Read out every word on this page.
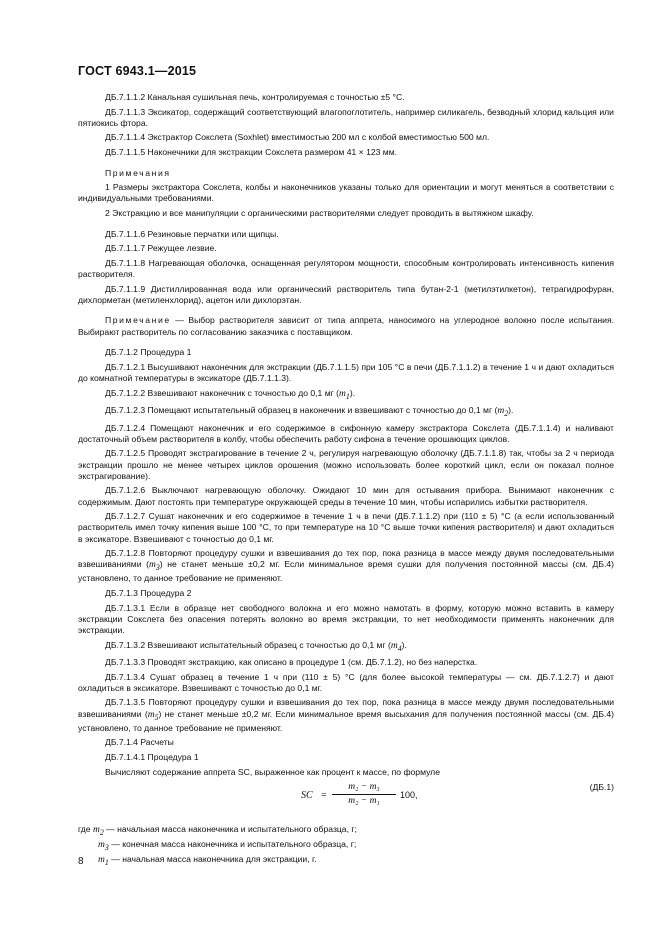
ГОСТ 6943.1—2015

ДБ.7.1.1.2 Канальная сушильная печь, контролируемая с точностью ±5 °С.

ДБ.7.1.1.3 Эксикатор, содержащий соответствующий влагопоглотитель, например силикагель, безводный хлорид кальция или пятиокись фтора.

ДБ.7.1.1.4 Экстрактор Сокслета (Soxhlet) вместимостью 200 мл с колбой вместимостью 500 мл.

ДБ.7.1.1.5 Наконечники для экстракции Сокслета размером 41 × 123 мм.

Примечания

1 Размеры экстрактора Сокслета, колбы и наконечников указаны только для ориентации и могут меняться в соответствии с индивидуальными требованиями.

2 Экстракцию и все манипуляции с органическими растворителями следует проводить в вытяжном шкафу.

ДБ.7.1.1.6 Резиновые перчатки или щипцы.

ДБ.7.1.1.7 Режущее лезвие.

ДБ.7.1.1.8 Нагревающая оболочка, оснащенная регулятором мощности, способным контролировать интенсивность кипения растворителя.

ДБ.7.1.1.9 Дистиллированная вода или органический растворитель типа бутан-2-1 (метилэтилкетон), тетрагидрофуран, дихлорметан (метиленхлорид), ацетон или дихлорэтан.

Примечание — Выбор растворителя зависит от типа аппрета, наносимого на углеродное волокно после испытания. Выбирают растворитель по согласованию заказчика с поставщиком.

ДБ.7.1.2 Процедура 1

ДБ.7.1.2.1 Высушивают наконечник для экстракции (ДБ.7.1.1.5) при 105 °С в печи (ДБ.7.1.1.2) в течение 1 ч и дают охладиться до комнатной температуры в эксикаторе (ДБ.7.1.1.3).

ДБ.7.1.2.2 Взвешивают наконечник с точностью до 0,1 мг $(m_1)$.

ДБ.7.1.2.3 Помещают испытательный образец в наконечник и взвешивают с точностью до 0,1 мг $(m_2)$.

ДБ.7.1.2.4 Помещают наконечник и его содержимое в сифонную камеру экстрактора Сокслета (ДБ.7.1.1.4) и наливают достаточный объем растворителя в колбу, чтобы обеспечить работу сифона в течение орошающих циклов.

ДБ.7.1.2.5 Проводят экстрагирование в течение 2 ч, регулируя нагревающую оболочку (ДБ.7.1.1.8) так, чтобы за 2 ч периода экстракции прошло не менее четырех циклов орошения (можно использовать более короткий цикл, если он показал полное экстрагирование).

ДБ.7.1.2.6 Выключают нагревающую оболочку. Ожидают 10 мин для остывания прибора. Вынимают наконечник с содержимым. Дают постоять при температуре окружающей среды в течение 10 мин, чтобы испарились избытки растворителя.

ДБ.7.1.2.7 Сушат наконечник и его содержимое в течение 1 ч в печи (ДБ.7.1.1.2) при (110 ± 5) °С (а если использованный растворитель имел точку кипения выше 100 °С, то при температуре на 10 °С выше точки кипения растворителя) и дают охладиться в эксикаторе. Взвешивают с точностью до 0,1 мг.

ДБ.7.1.2.8 Повторяют процедуру сушки и взвешивания до тех пор, пока разница в массе между двумя последовательными взвешиваниями $(m_3)$ не станет меньше ±0,2 мг. Если минимальное время сушки для получения постоянной массы (см. ДБ.4) установлено, то данное требование не применяют.

ДБ.7.1.3 Процедура 2

ДБ.7.1.3.1 Если в образце нет свободного волокна и его можно намотать в форму, которую можно вставить в камеру экстракции Сокслета без опасения потерять волокно во время экстракции, то нет необходимости применять наконечник для экстракции.

ДБ.7.1.3.2 Взвешивают испытательный образец с точностью до 0,1 мг $(m_4)$.

ДБ.7.1.3.3 Проводят экстракцию, как описано в процедуре 1 (см. ДБ.7.1.2), но без наперстка.

ДБ.7.1.3.4 Сушат образец в течение 1 ч при (110 ± 5) °С (для более высокой температуры — см. ДБ.7.1.2.7) и дают охладиться в эксикаторе. Взвешивают с точностью до 0,1 мг.

ДБ.7.1.3.5 Повторяют процедуру сушки и взвешивания до тех пор, пока разница в массе между двумя последовательными взвешиваниями $(m_5)$ не станет меньше ±0,2 мг. Если минимальное время высыхания для получения постоянной массы (см. ДБ.4) установлено, то данное требование не применяют.

ДБ.7.1.4 Расчеты

ДБ.7.1.4.1 Процедура 1

Вычисляют содержание аппрета SC, выраженное как процент к массе, по формуле

SC = $\frac{\text{m₂ − m₃}}{\text{m₂ − m₁}} 100$,
(ДБ.1)
где $m_2$ — начальная масса наконечника и испытательного образца, г;
$m_3$ — конечная масса наконечника и испытательного образца, г;
$m_1$ — начальная масса наконечника для экстракции, г.
8
